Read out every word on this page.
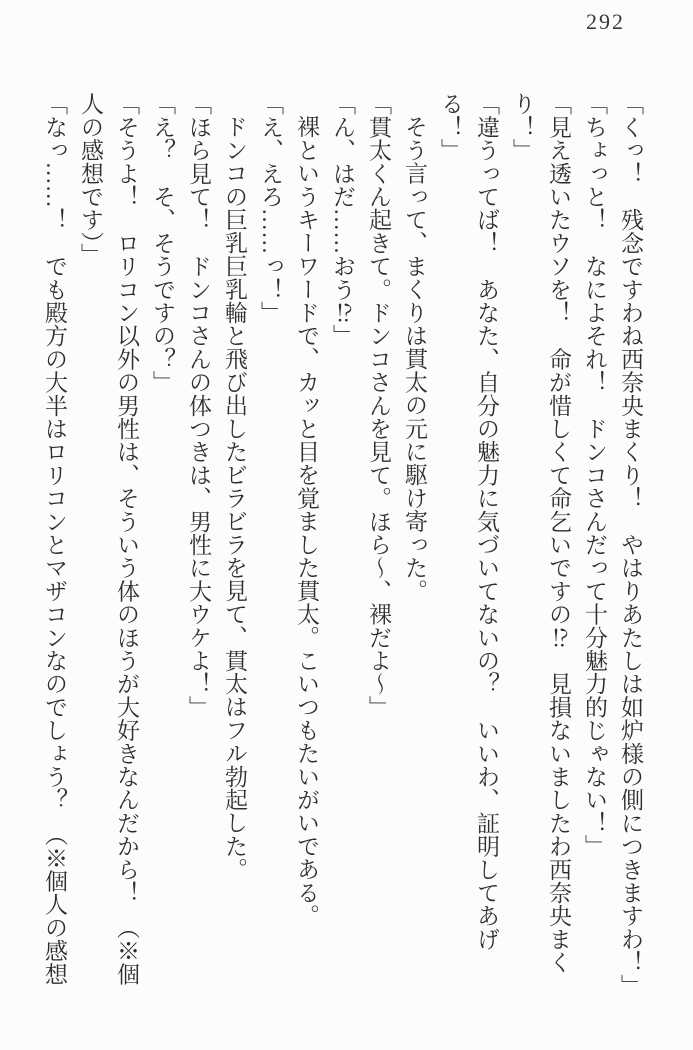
292
「くっ！　残念ですわね西奈央まくり！　やはりあたしは如炉様の側につきますわ！」
「ちょっと！　なによそれ！　ドンコさんだって十分魅力的じゃない！」
「見え透いたウソを！　命が惜しくて命乞いですの⁉　見損ないましたわ西奈央まく
り！」
「違うってば！　あなた、自分の魅力に気づいてないの？　いいわ、証明してあげ
る！」
そう言って、まくりは貫太の元に駆け寄った。
「貫太くん起きて。ドンコさんを見て。ほら〜、裸だよ〜」
「ん、はだ……おう⁉」
裸というキーワードで、カッと目を覚ました貫太。こいつもたいがいである。
「え、えろ……っ！」
ドンコの巨乳巨乳輪と飛び出したビラビラを見て、貫太はフル勃起した。
「ほら見て！　ドンコさんの体つきは、男性に大ウケよ！」
「え？　そ、そうですの？」
「そうよ！　ロリコン以外の男性は、そういう体のほうが大好きなんだから！　（※個
人の感想です）」
「なっ……！　でも殿方の大半はロリコンとマザコンなのでしょう？　（※個人の感想
